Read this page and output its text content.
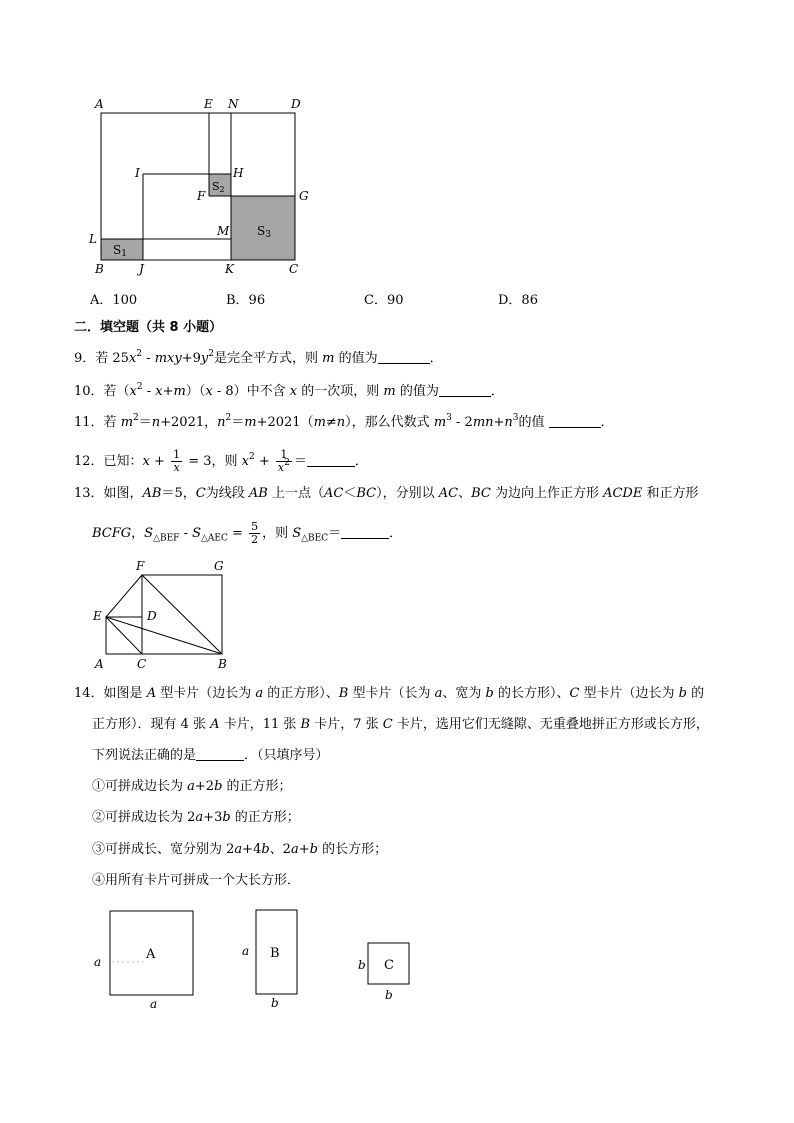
A	E N	D
I	H
F	G
L
M
B	J	K	C
S1
S2
S3
A．100	B．96	C．90	D．86
二．填空题（共 8 小题）
9．若 $25x^2 - mxy+9y^2$是完全平方式，则 m 的值为	．
10．若$(x^2 - x+m)(x - 8)$中不含 x 的一次项，则 m 的值为	．
11．若 $m^2=n+2021$，$n^2=m+2021(m\ne n)$，那么代数式 $m^3 - 2mn+n^3$的值	．
12．已知：$x + \frac{1}{x} = 3$，则 $x^2 + \frac{1}{x^2}$ ＝	．
13．如图，AB＝5，C为线段 AB 上一点（AC＜BC），分别以 AC、BC 为边向上作正方形 ACDE 和正方形
BCFG，$S_{\triangle BEF} - S_{\triangle AEC} = \frac{5}{2}$ ，则 $S_{\triangle BEC}=$	．
F	G
E	D
A	C	B
14．如图是 A 型卡片（边长为 a 的正方形）、B 型卡片（长为 a、宽为 b 的长方形）、C 型卡片（边长为 b 的
正方形）．现有 4 张 A 卡片，11 张 B 卡片，7 张 C 卡片，选用它们无缝隙、无重叠地拼正方形或长方形，
下列说法正确的是	．（只填序号）
①可拼成边长为 a+2b 的正方形；
②可拼成边长为 2a+3b 的正方形；
③可拼成长、宽分别为 2a+4b、2a+b 的长方形；
④用所有卡片可拼成一个大长方形．
A	B
C
a
a
a
b
b
b
